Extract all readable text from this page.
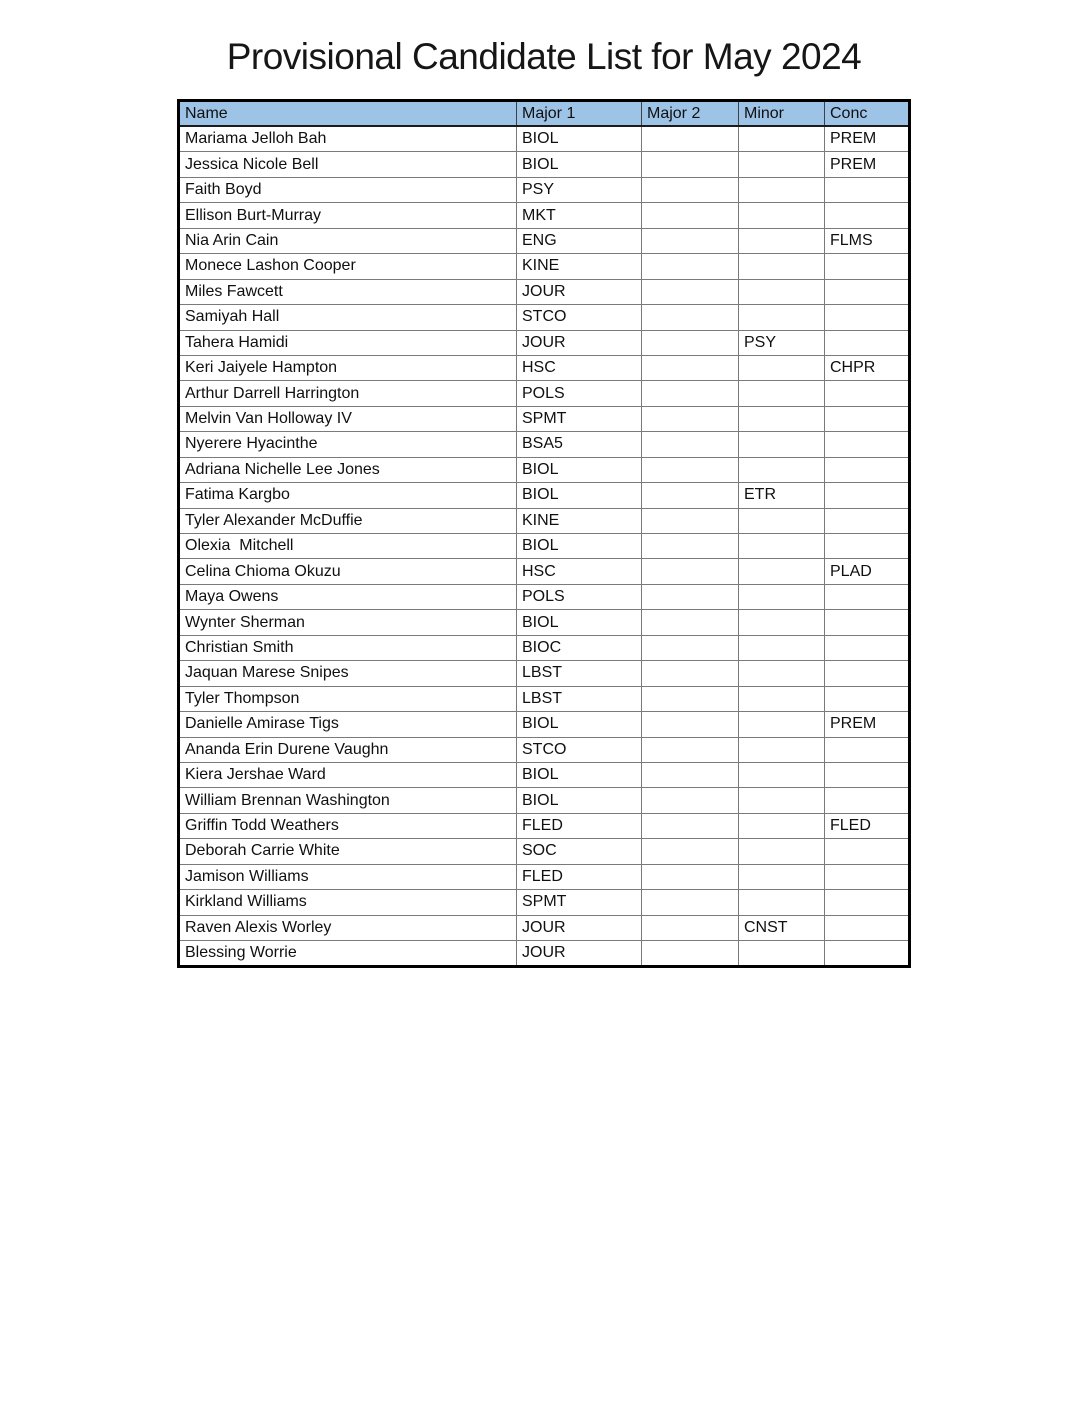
Provisional Candidate List for May 2024
Name	Major 1	Major 2	Minor	Conc
Mariama Jelloh Bah	BIOL			PREM
Jessica Nicole Bell	BIOL			PREM
Faith Boyd	PSY			
Ellison Burt-Murray	MKT			
Nia Arin Cain	ENG			FLMS
Monece Lashon Cooper	KINE			
Miles Fawcett	JOUR			
Samiyah Hall	STCO			
Tahera Hamidi	JOUR		PSY	
Keri Jaiyele Hampton	HSC			CHPR
Arthur Darrell Harrington	POLS			
Melvin Van Holloway IV	SPMT			
Nyerere Hyacinthe	BSA5			
Adriana Nichelle Lee Jones	BIOL			
Fatima Kargbo	BIOL		ETR	
Tyler Alexander McDuffie	KINE			
Olexia  Mitchell	BIOL			
Celina Chioma Okuzu	HSC			PLAD
Maya Owens	POLS			
Wynter Sherman	BIOL			
Christian Smith	BIOC			
Jaquan Marese Snipes	LBST			
Tyler Thompson	LBST			
Danielle Amirase Tigs	BIOL			PREM
Ananda Erin Durene Vaughn	STCO			
Kiera Jershae Ward	BIOL			
William Brennan Washington	BIOL			
Griffin Todd Weathers	FLED			FLED
Deborah Carrie White	SOC			
Jamison Williams	FLED			
Kirkland Williams	SPMT			
Raven Alexis Worley	JOUR		CNST	
Blessing Worrie	JOUR			
